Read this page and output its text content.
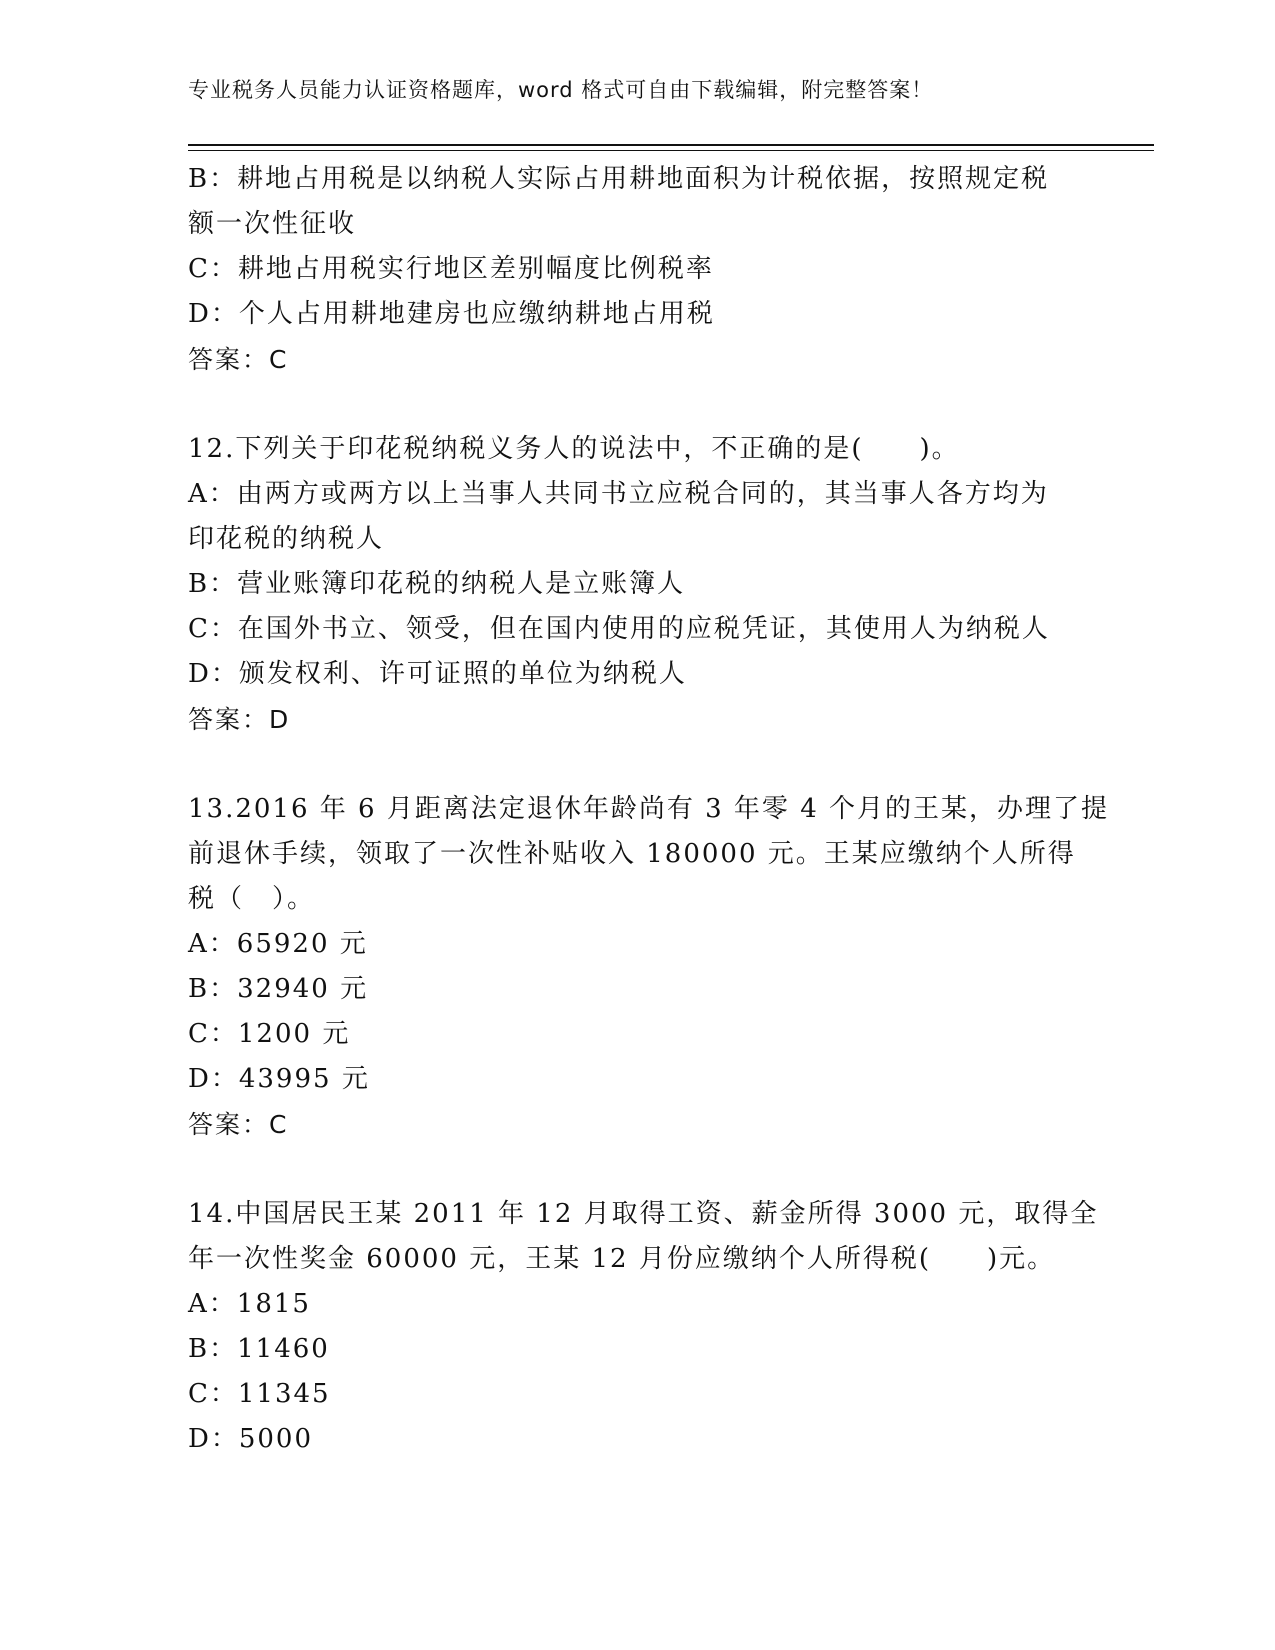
专业税务人员能力认证资格题库，word 格式可自由下载编辑，附完整答案！

B：耕地占用税是以纳税人实际占用耕地面积为计税依据，按照规定税

额一次性征收

C：耕地占用税实行地区差别幅度比例税率

D：个人占用耕地建房也应缴纳耕地占用税

答案：C

12.下列关于印花税纳税义务人的说法中，不正确的是(　　)。

A：由两方或两方以上当事人共同书立应税合同的，其当事人各方均为

印花税的纳税人

B：营业账簿印花税的纳税人是立账簿人

C：在国外书立、领受，但在国内使用的应税凭证，其使用人为纳税人

D：颁发权利、许可证照的单位为纳税人

答案：D

13.2016 年 6 月距离法定退休年龄尚有 3 年零 4 个月的王某，办理了提

前退休手续，领取了一次性补贴收入 180000 元。王某应缴纳个人所得

税（　）。

A：65920 元

B：32940 元

C：1200 元

D：43995 元

答案：C

14.中国居民王某 2011 年 12 月取得工资、薪金所得 3000 元，取得全

年一次性奖金 60000 元，王某 12 月份应缴纳个人所得税(　　)元。

A：1815

B：11460

C：11345

D：5000
